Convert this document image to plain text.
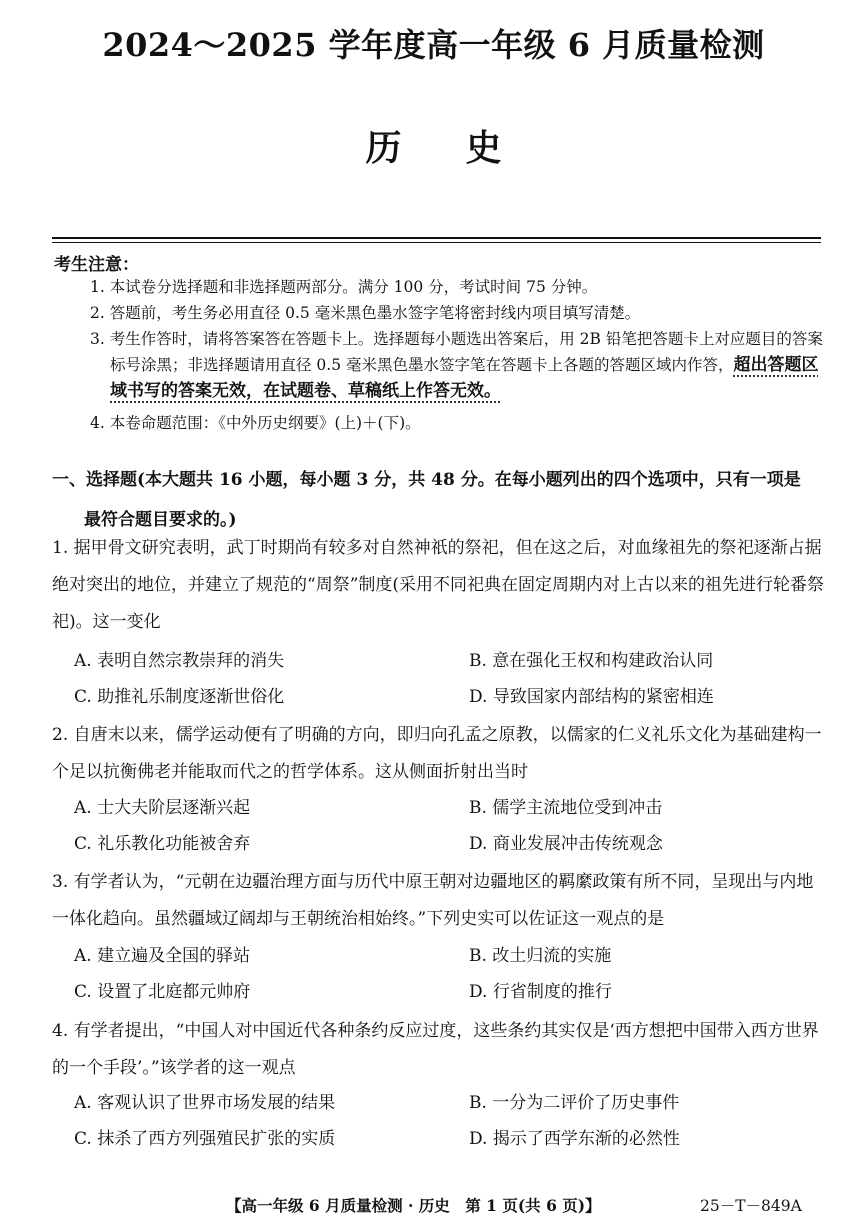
2024～2025 学年度高一年级 6 月质量检测
历史
考生注意：
1. 本试卷分选择题和非选择题两部分。满分 100 分，考试时间 75 分钟。
2. 答题前，考生务必用直径 0.5 毫米黑色墨水签字笔将密封线内项目填写清楚。
3. 考生作答时，请将答案答在答题卡上。选择题每小题选出答案后，用 2B 铅笔把答题卡上对应题目的答案标号涂黑；非选择题请用直径 0.5 毫米黑色墨水签字笔在答题卡上各题的答题区域内作答，超出答题区域书写的答案无效，在试题卷、草稿纸上作答无效。
4. 本卷命题范围：《中外历史纲要》(上)＋(下)。
一、选择题(本大题共 16 小题，每小题 3 分，共 48 分。在每小题列出的四个选项中，只有一项是
最符合题目要求的。)
1. 据甲骨文研究表明，武丁时期尚有较多对自然神祇的祭祀，但在这之后，对血缘祖先的祭祀逐渐占据绝对突出的地位，并建立了规范的“周祭”制度(采用不同祀典在固定周期内对上古以来的祖先进行轮番祭祀)。这一变化
A. 表明自然宗教崇拜的消失	B. 意在强化王权和构建政治认同
C. 助推礼乐制度逐渐世俗化	D. 导致国家内部结构的紧密相连
2. 自唐末以来，儒学运动便有了明确的方向，即归向孔孟之原教，以儒家的仁义礼乐文化为基础建构一个足以抗衡佛老并能取而代之的哲学体系。这从侧面折射出当时
A. 士大夫阶层逐渐兴起	B. 儒学主流地位受到冲击
C. 礼乐教化功能被舍弃	D. 商业发展冲击传统观念
3. 有学者认为，“元朝在边疆治理方面与历代中原王朝对边疆地区的羁縻政策有所不同，呈现出与内地一体化趋向。虽然疆域辽阔却与王朝统治相始终。”下列史实可以佐证这一观点的是
A. 建立遍及全国的驿站	B. 改土归流的实施
C. 设置了北庭都元帅府	D. 行省制度的推行
4. 有学者提出，“中国人对中国近代各种条约反应过度，这些条约其实仅是‘西方想把中国带入西方世界的一个手段’。”该学者的这一观点
A. 客观认识了世界市场发展的结果	B. 一分为二评价了历史事件
C. 抹杀了西方列强殖民扩张的实质	D. 揭示了西学东渐的必然性
【高一年级 6 月质量检测 · 历史　第 1 页(共 6 页)】	25－T－849A
